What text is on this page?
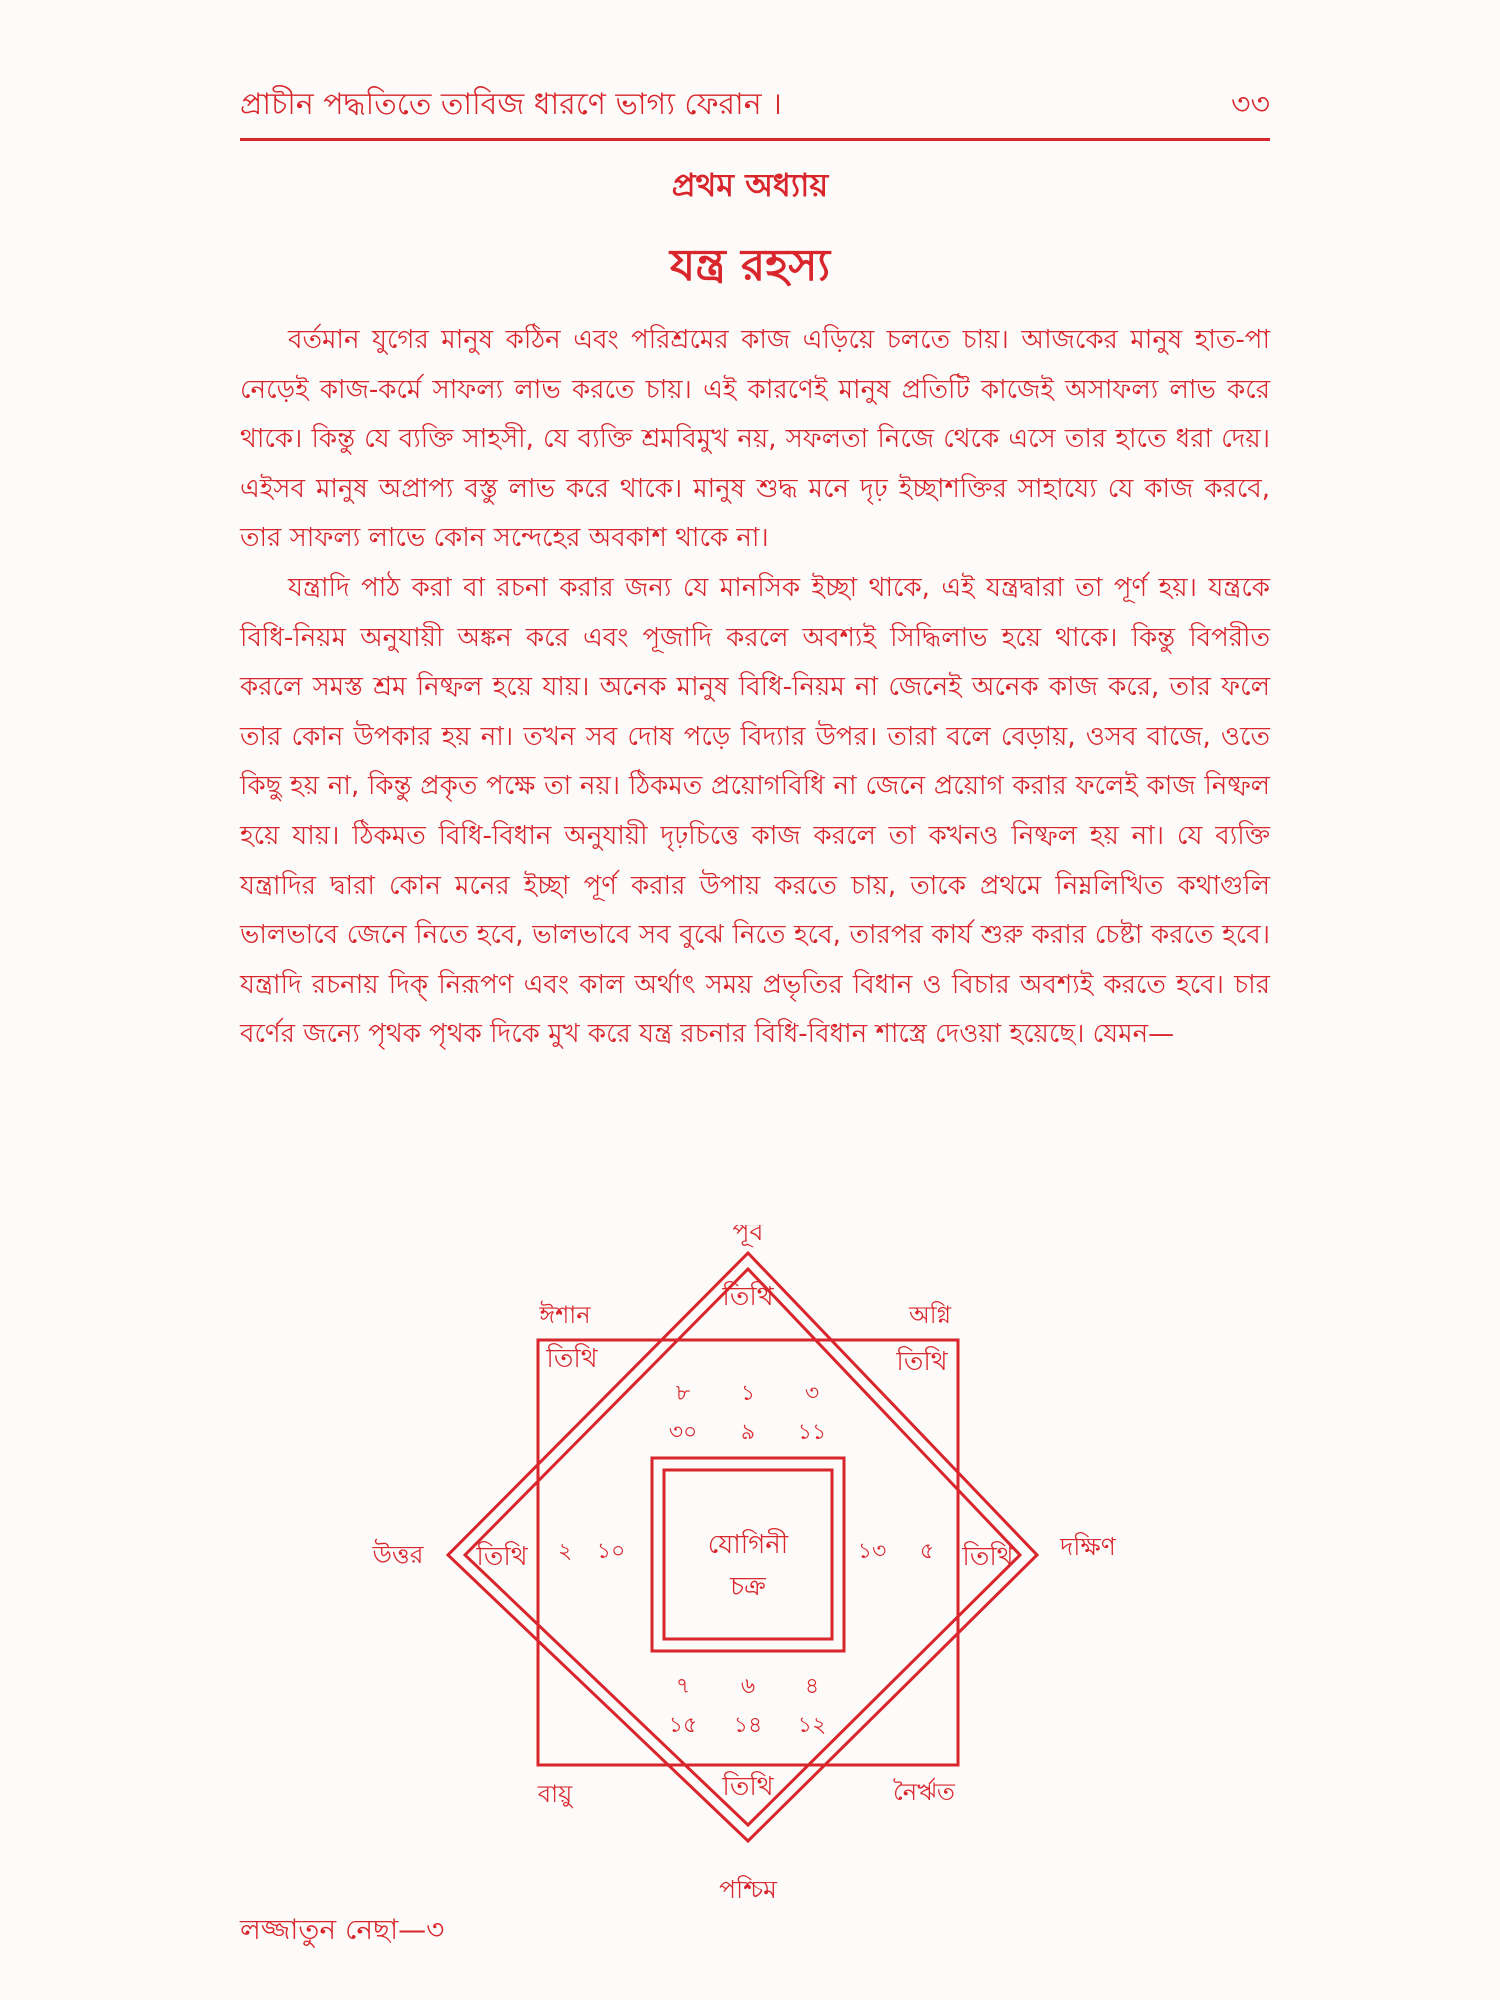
প্রাচীন পদ্ধতিতে তাবিজ ধারণে ভাগ্য ফেরান ।	৩৩
প্রথম অধ্যায়
যন্ত্র রহস্য

বর্তমান যুগের মানুষ কঠিন এবং পরিশ্রমের কাজ এড়িয়ে চলতে চায়। আজকের মানুষ হাত-পা নেড়েই কাজ-কর্মে সাফল্য লাভ করতে চায়। এই কারণেই মানুষ প্রতিটি কাজেই অসাফল্য লাভ করে থাকে। কিন্তু যে ব্যক্তি সাহসী, যে ব্যক্তি শ্রমবিমুখ নয়, সফলতা নিজে থেকে এসে তার হাতে ধরা দেয়। এইসব মানুষ অপ্রাপ্য বস্তু লাভ করে থাকে। মানুষ শুদ্ধ মনে দৃঢ় ইচ্ছাশক্তির সাহায্যে যে কাজ করবে, তার সাফল্য লাভে কোন সন্দেহের অবকাশ থাকে না।

যন্ত্রাদি পাঠ করা বা রচনা করার জন্য যে মানসিক ইচ্ছা থাকে, এই যন্ত্রদ্বারা তা পূর্ণ হয়। যন্ত্রকে বিধি-নিয়ম অনুযায়ী অঙ্কন করে এবং পূজাদি করলে অবশ্যই সিদ্ধিলাভ হয়ে থাকে। কিন্তু বিপরীত করলে সমস্ত শ্রম নিষ্ফল হয়ে যায়। অনেক মানুষ বিধি-নিয়ম না জেনেই অনেক কাজ করে, তার ফলে তার কোন উপকার হয় না। তখন সব দোষ পড়ে বিদ্যার উপর। তারা বলে বেড়ায়, ওসব বাজে, ওতে কিছু হয় না, কিন্তু প্রকৃত পক্ষে তা নয়। ঠিকমত প্রয়োগবিধি না জেনে প্রয়োগ করার ফলেই কাজ নিষ্ফল হয়ে যায়। ঠিকমত বিধি-বিধান অনুযায়ী দৃঢ়চিত্তে কাজ করলে তা কখনও নিষ্ফল হয় না। যে ব্যক্তি যন্ত্রাদির দ্বারা কোন মনের ইচ্ছা পূর্ণ করার উপায় করতে চায়, তাকে প্রথমে নিম্নলিখিত কথাগুলি ভালভাবে জেনে নিতে হবে, ভালভাবে সব বুঝে নিতে হবে, তারপর কার্য শুরু করার চেষ্টা করতে হবে। যন্ত্রাদি রচনায় দিক্ নিরূপণ এবং কাল অর্থাৎ সময় প্রভৃতির বিধান ও বিচার অবশ্যই করতে হবে। চার বর্ণের জন্যে পৃথক পৃথক দিকে মুখ করে যন্ত্র রচনার বিধি-বিধান শাস্ত্রে দেওয়া হয়েছে। যেমন—

পূর্ব
পশ্চিম
উত্তর	দক্ষিণ
ঈশান	অগ্নি
বায়ু	নৈর্ঋত
তিথি
তিথি	তিথি
তিথি	তিথি
তিথি
৮ ১ ৩
৩০ ৯ ১১
২ ১০	১৩ ৫
৭ ৬ ৪
১৫ ১৪ ১২
যোগিনী
চক্র
লজ্জাতুন নেছা—৩
